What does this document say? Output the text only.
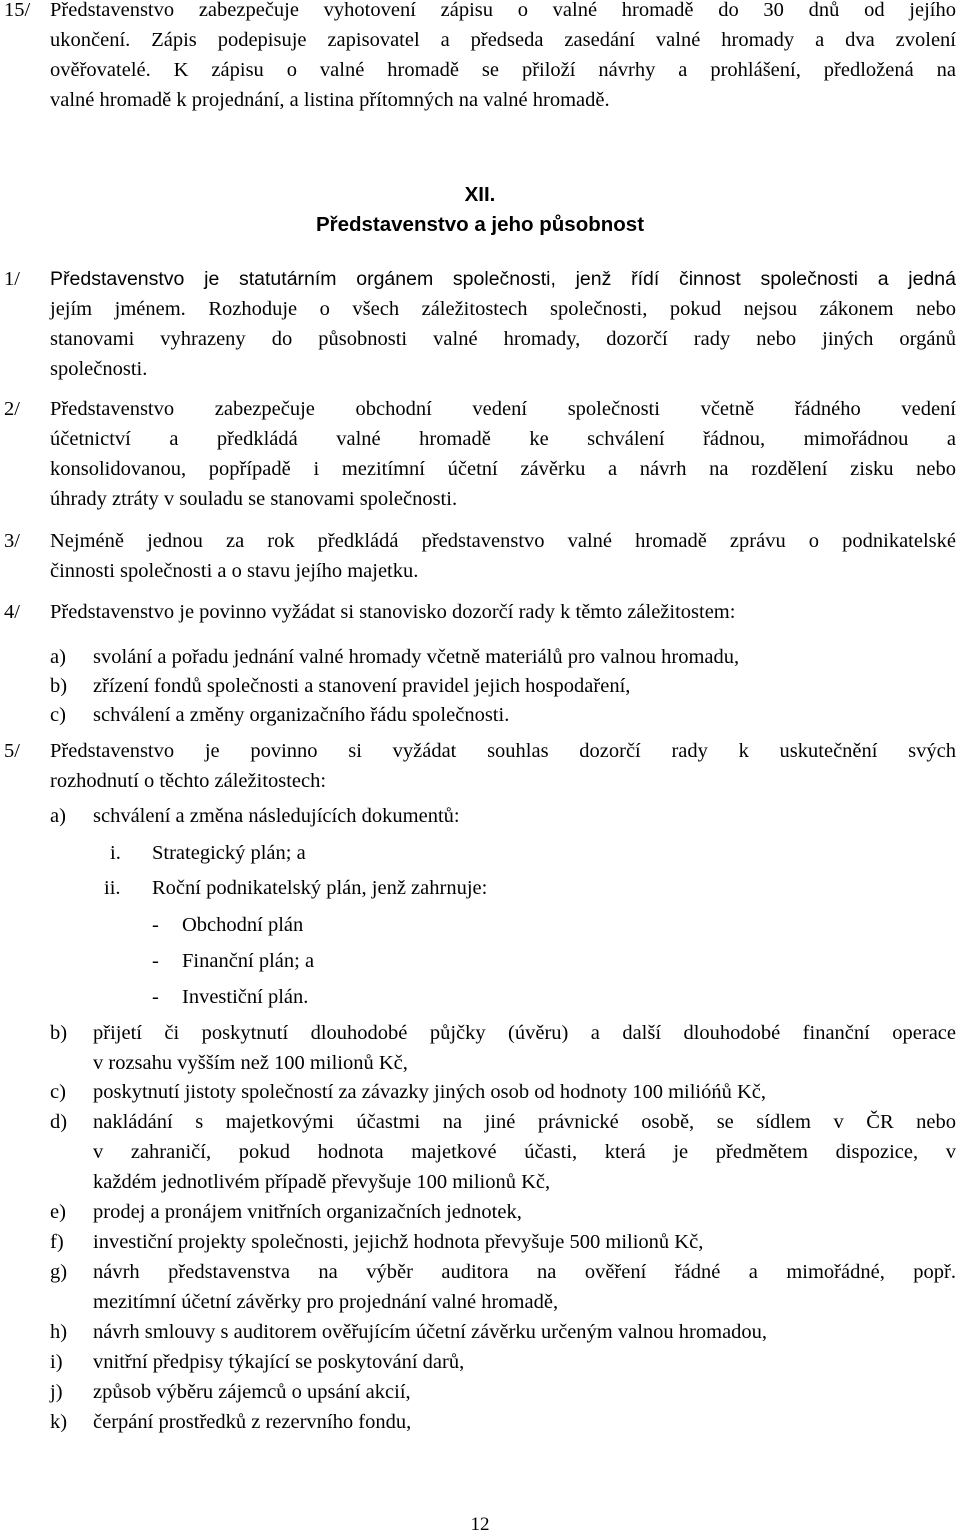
15/ Představenstvo zabezpečuje vyhotovení zápisu o valné hromadě do 30 dnů od jejího
ukončení. Zápis podepisuje zapisovatel a předseda zasedání valné hromady a dva zvolení
ověřovatelé. K zápisu o valné hromadě se přiloží návrhy a prohlášení, předložená na
valné hromadě k projednání, a listina přítomných na valné hromadě.
XII.
Představenstvo a jeho působnost
1/ Představenstvo je statutárním orgánem společnosti, jenž řídí činnost společnosti a jedná
jejím jménem. Rozhoduje o všech záležitostech společnosti, pokud nejsou zákonem nebo
stanovami vyhrazeny do působnosti valné hromady, dozorčí rady nebo jiných orgánů
společnosti.
2/ Představenstvo zabezpečuje obchodní vedení společnosti včetně řádného vedení
účetnictví a předkládá valné hromadě ke schválení řádnou, mimořádnou a
konsolidovanou, popřípadě i mezitímní účetní závěrku a návrh na rozdělení zisku nebo
úhrady ztráty v souladu se stanovami společnosti.
3/ Nejméně jednou za rok předkládá představenstvo valné hromadě zprávu o podnikatelské
činnosti společnosti a o stavu jejího majetku.
4/ Představenstvo je povinno vyžádat si stanovisko dozorčí rady k těmto záležitostem:
a) svolání a pořadu jednání valné hromady včetně materiálů pro valnou hromadu,
b) zřízení fondů společnosti a stanovení pravidel jejich hospodaření,
c) schválení a změny organizačního řádu společnosti.
5/ Představenstvo je povinno si vyžádat souhlas dozorčí rady k uskutečnění svých
rozhodnutí o těchto záležitostech:
a) schválení a změna následujících dokumentů:
i. Strategický plán; a
ii. Roční podnikatelský plán, jenž zahrnuje:
- Obchodní plán
- Finanční plán; a
- Investiční plán.
b) přijetí či poskytnutí dlouhodobé půjčky (úvěru) a další dlouhodobé finanční operace
v rozsahu vyšším než 100 milionů Kč,
c) poskytnutí jistoty společností za závazky jiných osob od hodnoty 100 milióńů Kč,
d) nakládání s majetkovými účastmi na jiné právnické osobě, se sídlem v ČR nebo
v zahraničí, pokud hodnota majetkové účasti, která je předmětem dispozice, v
každém jednotlivém případě převyšuje 100 milionů Kč,
e) prodej a pronájem vnitřních organizačních jednotek,
f) investiční projekty společnosti, jejichž hodnota převyšuje 500 milionů Kč,
g) návrh představenstva na výběr auditora na ověření řádné a mimořádné, popř.
mezitímní účetní závěrky pro projednání valné hromadě,
h) návrh smlouvy s auditorem ověřujícím účetní závěrku určeným valnou hromadou,
i) vnitřní předpisy týkající se poskytování darů,
j) způsob výběru zájemců o upsání akcií,
k) čerpání prostředků z rezervního fondu,
12
